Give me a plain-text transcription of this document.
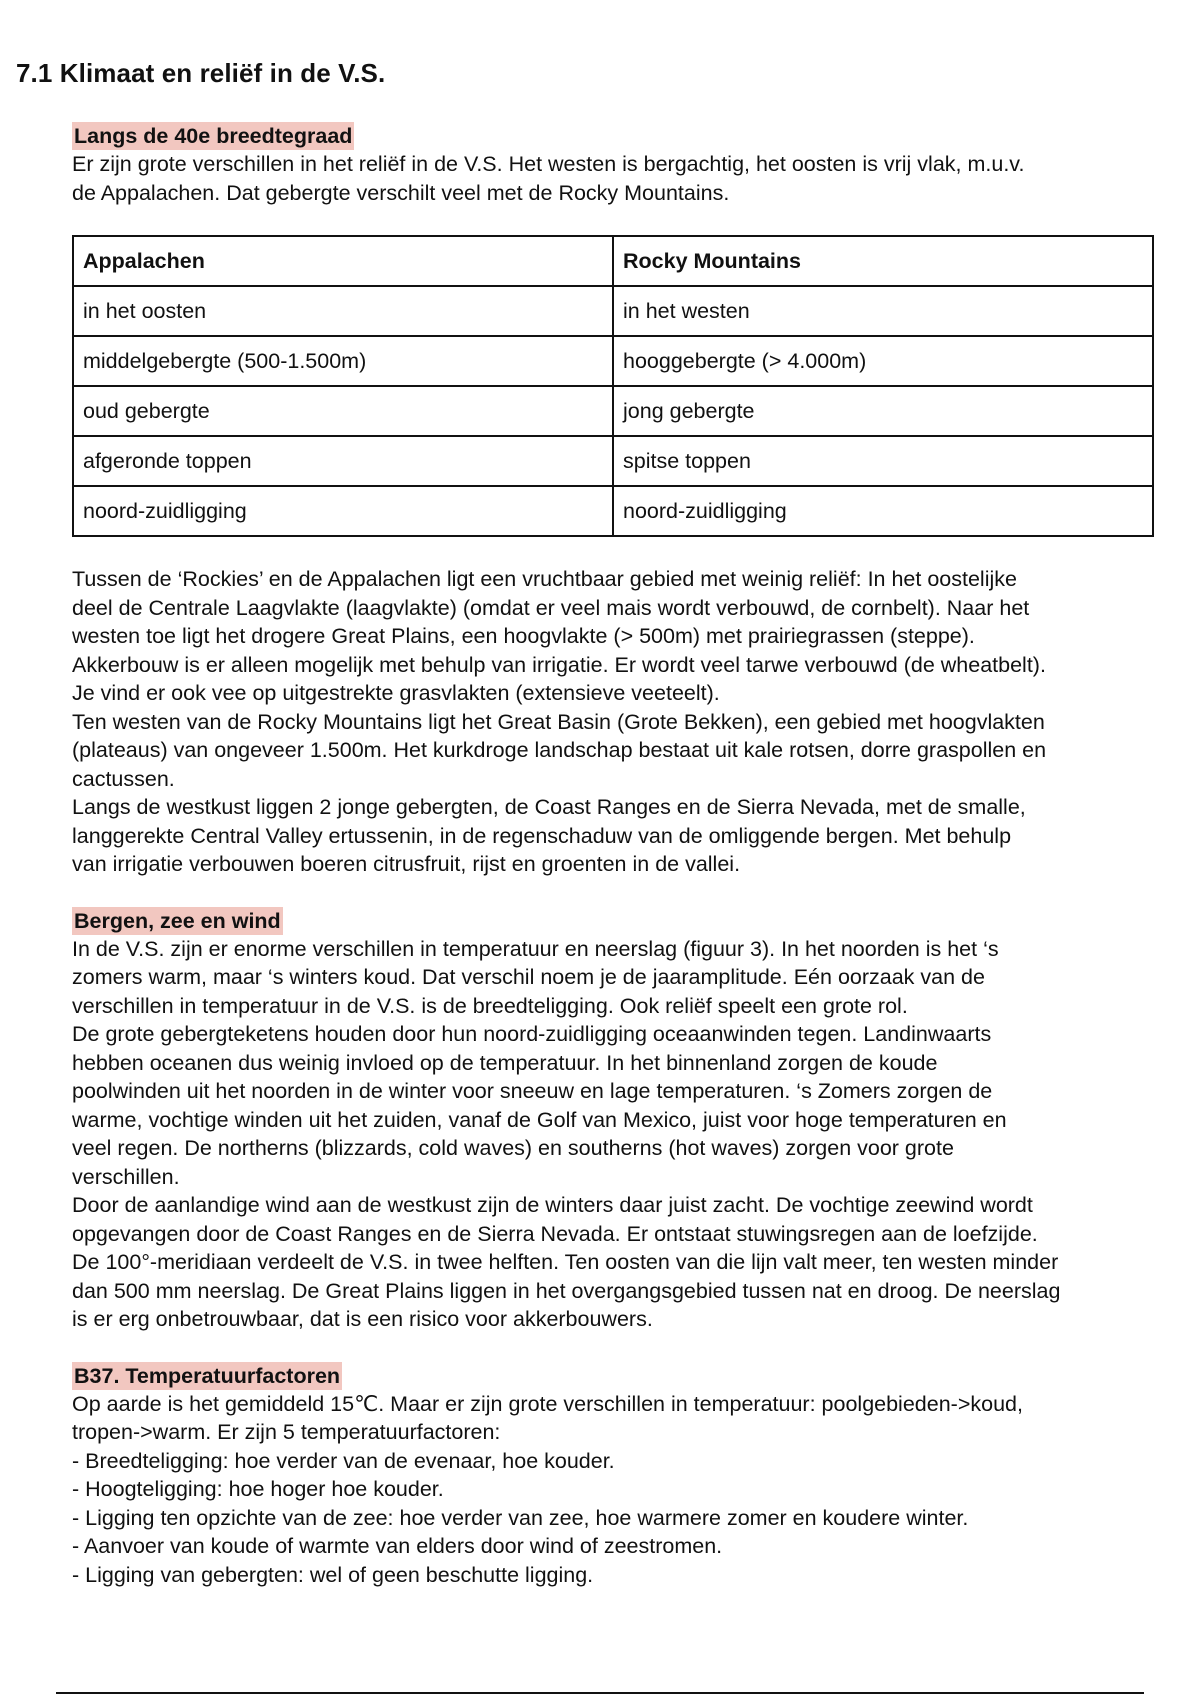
7.1 Klimaat en reliëf in de V.S.
Langs de 40e breedtegraad

Er zijn grote verschillen in het reliëf in de V.S. Het westen is bergachtig, het oosten is vrij vlak, m.u.v.
de Appalachen. Dat gebergte verschilt veel met de Rocky Mountains.

Appalachen	Rocky Mountains
in het oosten	in het westen
middelgebergte (500-1.500m)	hooggebergte (> 4.000m)
oud gebergte	jong gebergte
afgeronde toppen	spitse toppen
noord-zuidligging	noord-zuidligging

Tussen de ‘Rockies’ en de Appalachen ligt een vruchtbaar gebied met weinig reliëf: In het oostelijke
deel de Centrale Laagvlakte (laagvlakte) (omdat er veel mais wordt verbouwd, de cornbelt). Naar het
westen toe ligt het drogere Great Plains, een hoogvlakte (> 500m) met prairiegrassen (steppe).
Akkerbouw is er alleen mogelijk met behulp van irrigatie. Er wordt veel tarwe verbouwd (de wheatbelt).
Je vind er ook vee op uitgestrekte grasvlakten (extensieve veeteelt).
Ten westen van de Rocky Mountains ligt het Great Basin (Grote Bekken), een gebied met hoogvlakten
(plateaus) van ongeveer 1.500m. Het kurkdroge landschap bestaat uit kale rotsen, dorre graspollen en
cactussen.
Langs de westkust liggen 2 jonge gebergten, de Coast Ranges en de Sierra Nevada, met de smalle,
langgerekte Central Valley ertussenin, in de regenschaduw van de omliggende bergen. Met behulp
van irrigatie verbouwen boeren citrusfruit, rijst en groenten in de vallei.

Bergen, zee en wind

In de V.S. zijn er enorme verschillen in temperatuur en neerslag (figuur 3). In het noorden is het ‘s
zomers warm, maar ‘s winters koud. Dat verschil noem je de jaaramplitude. Eén oorzaak van de
verschillen in temperatuur in de V.S. is de breedteligging. Ook reliëf speelt een grote rol.
De grote gebergteketens houden door hun noord-zuidligging oceaanwinden tegen. Landinwaarts
hebben oceanen dus weinig invloed op de temperatuur. In het binnenland zorgen de koude
poolwinden uit het noorden in de winter voor sneeuw en lage temperaturen. ‘s Zomers zorgen de
warme, vochtige winden uit het zuiden, vanaf de Golf van Mexico, juist voor hoge temperaturen en
veel regen. De northerns (blizzards, cold waves) en southerns (hot waves) zorgen voor grote
verschillen.
Door de aanlandige wind aan de westkust zijn de winters daar juist zacht. De vochtige zeewind wordt
opgevangen door de Coast Ranges en de Sierra Nevada. Er ontstaat stuwingsregen aan de loefzijde.
De 100°-meridiaan verdeelt de V.S. in twee helften. Ten oosten van die lijn valt meer, ten westen minder
dan 500 mm neerslag. De Great Plains liggen in het overgangsgebied tussen nat en droog. De neerslag
is er erg onbetrouwbaar, dat is een risico voor akkerbouwers.

B37. Temperatuurfactoren

Op aarde is het gemiddeld 15℃. Maar er zijn grote verschillen in temperatuur: poolgebieden->koud,
tropen->warm. Er zijn 5 temperatuurfactoren:
- Breedteligging: hoe verder van de evenaar, hoe kouder.
- Hoogteligging: hoe hoger hoe kouder.
- Ligging ten opzichte van de zee: hoe verder van zee, hoe warmere zomer en koudere winter.
- Aanvoer van koude of warmte van elders door wind of zeestromen.
- Ligging van gebergten: wel of geen beschutte ligging.
